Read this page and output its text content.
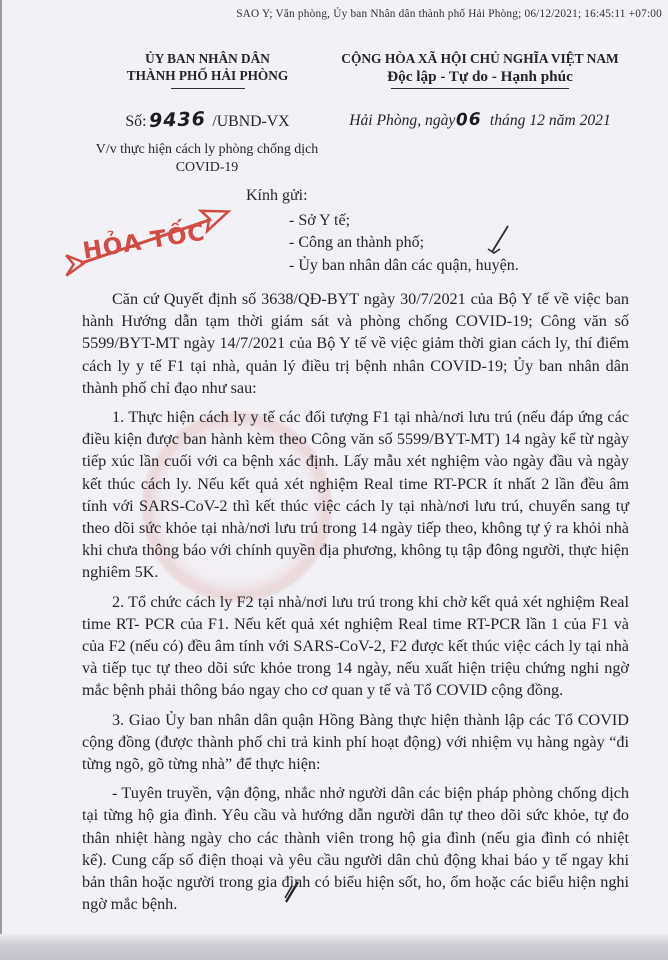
SAO Y; Văn phòng, Ủy ban Nhân dân thành phố Hải Phòng; 06/12/2021; 16:45:11 +07:00
ỦY BAN NHÂN DÂN
THÀNH PHỐ HẢI PHÒNG
CỘNG HÒA XÃ HỘI CHỦ NGHĨA VIỆT NAM
Độc lập - Tự do - Hạnh phúc
Số: 9436 /UBND-VX	Hải Phòng, ngày06 tháng 12 năm 2021
V/v thực hiện cách ly phòng chống dịch
COVID-19
Kính gửi:
- Sở Y tế;
- Công an thành phố;
- Ủy ban nhân dân các quận, huyện.
HỎA TỐC

Căn cứ Quyết định số 3638/QĐ-BYT ngày 30/7/2021 của Bộ Y tế về việc ban hành Hướng dẫn tạm thời giám sát và phòng chống COVID-19; Công văn số 5599/BYT-MT ngày 14/7/2021 của Bộ Y tế về việc giảm thời gian cách ly, thí điểm cách ly y tế F1 tại nhà, quản lý điều trị bệnh nhân COVID-19; Ủy ban nhân dân thành phố chỉ đạo như sau:

1. Thực hiện cách ly y tế các đối tượng F1 tại nhà/nơi lưu trú (nếu đáp ứng các điều kiện được ban hành kèm theo Công văn số 5599/BYT-MT) 14 ngày kể từ ngày tiếp xúc lần cuối với ca bệnh xác định. Lấy mẫu xét nghiệm vào ngày đầu và ngày kết thúc cách ly. Nếu kết quả xét nghiệm Real time RT-PCR ít nhất 2 lần đều âm tính với SARS-CoV-2 thì kết thúc việc cách ly tại nhà/nơi lưu trú, chuyển sang tự theo dõi sức khỏe tại nhà/nơi lưu trú trong 14 ngày tiếp theo, không tự ý ra khỏi nhà khi chưa thông báo với chính quyền địa phương, không tụ tập đông người, thực hiện nghiêm 5K.

2. Tổ chức cách ly F2 tại nhà/nơi lưu trú trong khi chờ kết quả xét nghiệm Real time RT- PCR của F1. Nếu kết quả xét nghiệm Real time RT-PCR lần 1 của F1 và của F2 (nếu có) đều âm tính với SARS-CoV-2, F2 được kết thúc việc cách ly tại nhà và tiếp tục tự theo dõi sức khỏe trong 14 ngày, nếu xuất hiện triệu chứng nghi ngờ mắc bệnh phải thông báo ngay cho cơ quan y tế và Tổ COVID cộng đồng.

3. Giao Ủy ban nhân dân quận Hồng Bàng thực hiện thành lập các Tổ COVID cộng đồng (được thành phố chi trả kinh phí hoạt động) với nhiệm vụ hàng ngày “đi từng ngõ, gõ từng nhà” để thực hiện:

- Tuyên truyền, vận động, nhắc nhở người dân các biện pháp phòng chống dịch tại từng hộ gia đình. Yêu cầu và hướng dẫn người dân tự theo dõi sức khỏe, tự đo thân nhiệt hàng ngày cho các thành viên trong hộ gia đình (nếu gia đình có nhiệt kế). Cung cấp số điện thoại và yêu cầu người dân chủ động khai báo y tế ngay khi bản thân hoặc người trong gia đình có biểu hiện sốt, ho, ốm hoặc các biểu hiện nghi ngờ mắc bệnh.
